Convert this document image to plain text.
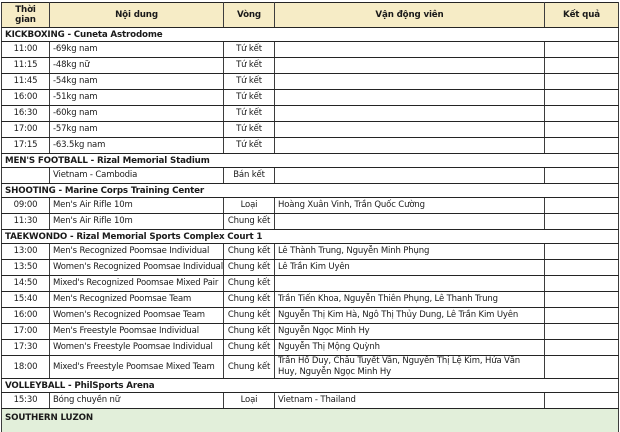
Thời gian	Nội dung	Vòng	Vận động viên	Kết quả
KICKBOXING - Cuneta Astrodome				
11:00	-69kg nam	Tứ kết		
11:15	-48kg nữ	Tứ kết		
11:45	-54kg nam	Tứ kết		
16:00	-51kg nam	Tứ kết		
16:30	-60kg nam	Tứ kết		
17:00	-57kg nam	Tứ kết		
17:15	-63.5kg nam	Tứ kết		
MEN'S FOOTBALL - Rizal Memorial Stadium				
	Vietnam - Cambodia	Bán kết		
SHOOTING - Marine Corps Training Center				
09:00	Men's Air Rifle 10m	Loại	Hoàng Xuân Vinh, Trần Quốc Cường	
11:30	Men's Air Rifle 10m	Chung kết		
TAEKWONDO - Rizal Memorial Sports Complex Court 1				
13:00	Men's Recognized Poomsae Individual	Chung kết	Lê Thành Trung, Nguyễn Minh Phụng	
13:50	Women's Recognized Poomsae Individual	Chung kết	Lê Trần Kim Uyên	
14:50	Mixed's Recognized Poomsae Mixed Pair	Chung kết		
15:40	Men's Recognized Poomsae Team	Chung kết	Trần Tiến Khoa, Nguyễn Thiên Phụng, Lê Thanh Trung	
16:00	Women's Recognized Poomsae Team	Chung kết	Nguyễn Thị Kim Hà, Ngô Thị Thủy Dung, Lê Trần Kim Uyên	
17:00	Men's Freestyle Poomsae Individual	Chung kết	Nguyễn Ngọc Minh Hy	
17:30	Women's Freestyle Poomsae Individual	Chung kết	Nguyễn Thị Mộng Quỳnh	
18:00	Mixed's Freestyle Poomsae Mixed Team	Chung kết	Trần Hồ Duy, Châu Tuyết Vân, Nguyễn Thị Lệ Kim, Hứa Văn Huy, Nguyễn Ngọc Minh Hy	
VOLLEYBALL - PhilSports Arena				
15:30	Bóng chuyền nữ	Loại	Vietnam - Thailand	
SOUTHERN LUZON				
